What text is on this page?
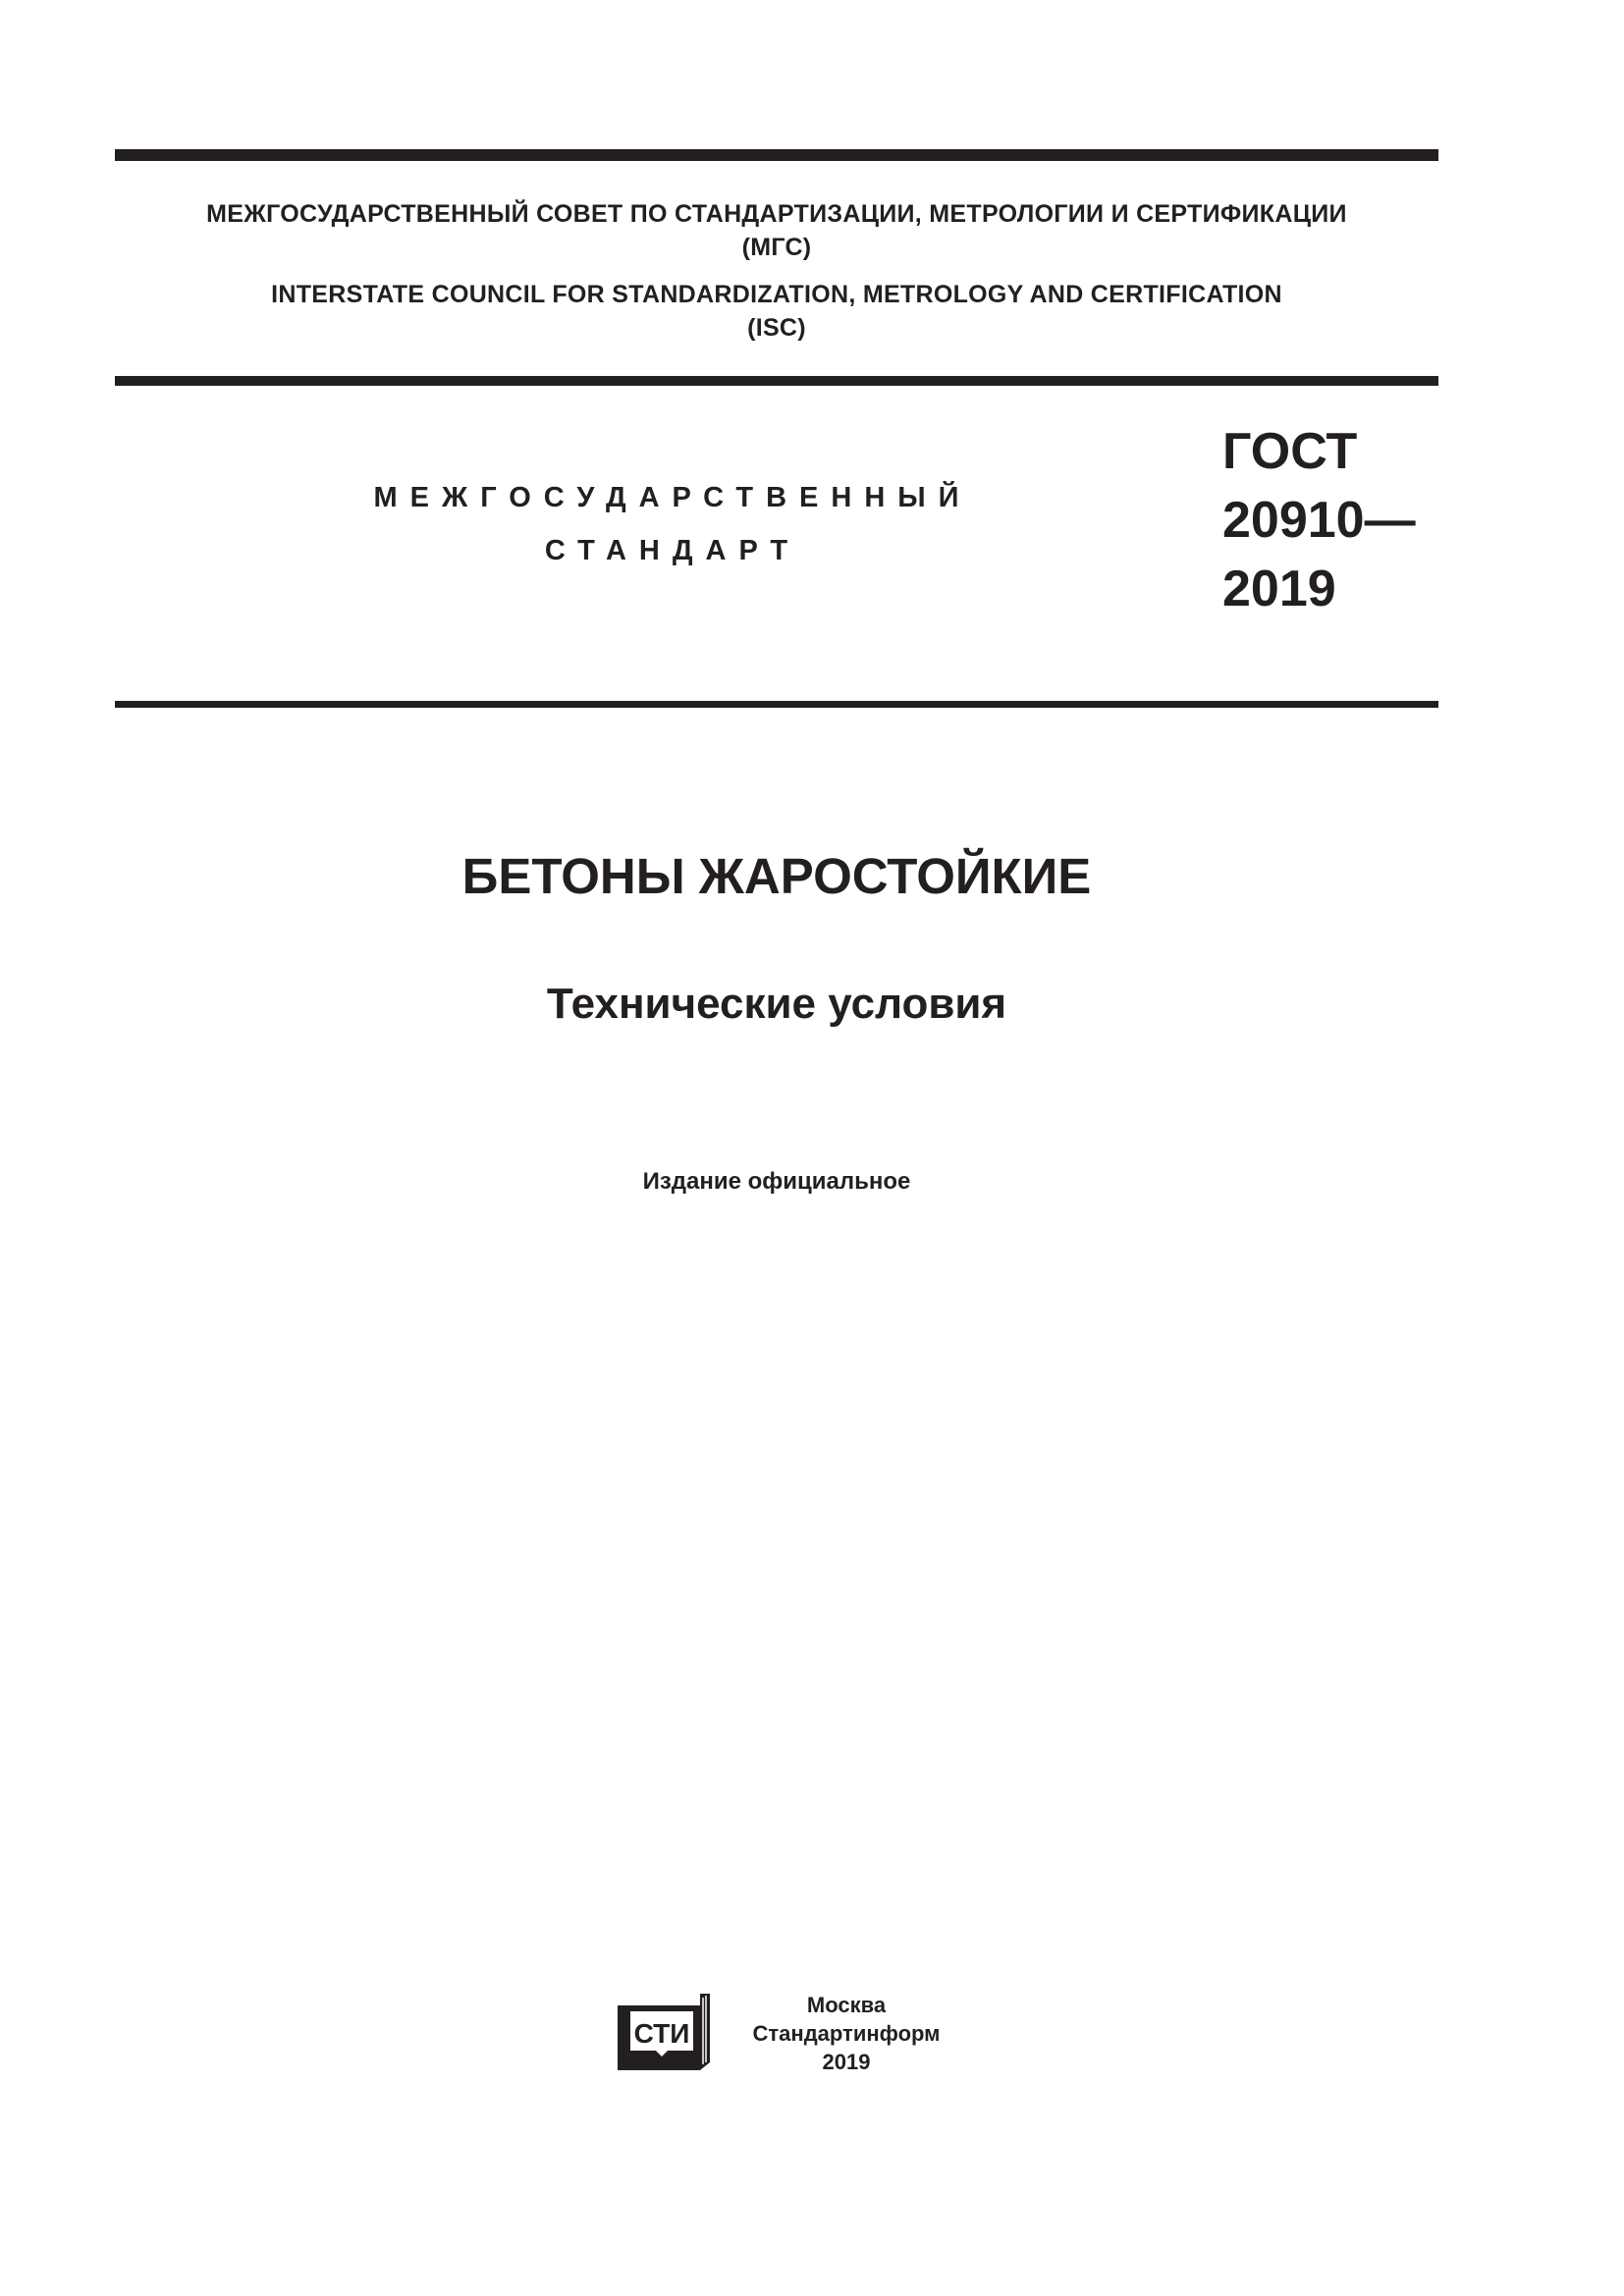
МЕЖГОСУДАРСТВЕННЫЙ СОВЕТ ПО СТАНДАРТИЗАЦИИ, МЕТРОЛОГИИ И СЕРТИФИКАЦИИ
(МГС)
INTERSTATE COUNCIL FOR STANDARDIZATION, METROLOGY AND CERTIFICATION
(ISC)
МЕЖГОСУДАРСТВЕННЫЙ
СТАНДАРТ
ГОСТ
20910—
2019
БЕТОНЫ ЖАРОСТОЙКИЕ
Технические условия
Издание официальное
СТИ
Москва
Стандартинформ
2019
